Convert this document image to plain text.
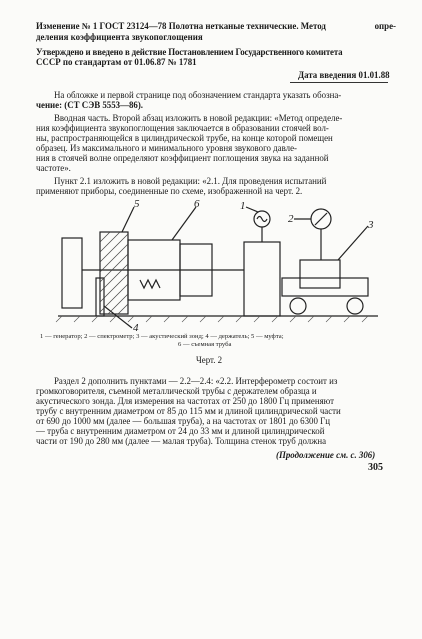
Изменение № 1 ГОСТ 23124—78 Полотна нетканые технические. Метод	опре-
деления коэффициента звукопоглощения
Утверждено и введено в действие Постановлением Государственного комитета
СССР по стандартам от 01.06.87 № 1781
Дата введения 01.01.88
На обложке и первой странице под обозначением стандарта указать обозна-
чение: (СТ СЭВ 5553—86).
Вводная часть. Второй абзац изложить в новой редакции: «Метод определе-
ния коэффициента звукопоглощения заключается в образовании стоячей вол-
ны, распространяющейся в цилиндрической трубе, на конце которой помещен
образец. Из максимального и минимального уровня звукового давле-
ния в стоячей волне определяют коэффициент поглощения звука на заданной
частоте».
Пункт 2.1 изложить в новой редакции: «2.1. Для проведения испытаний
применяют приборы, соединенные по схеме, изображенной на черт. 2.
5	6	1
2	3
4
1 — генератор; 2 — спектрометр; 3 — акустический зонд; 4 — держатель; 5 — муфта;
6 — съемная труба
Черт. 2
Раздел 2 дополнить пунктами — 2.2—2.4: «2.2. Интерферометр состоит из
громкоговорителя, съемной металлической трубы с держателем образца и
акустического зонда. Для измерения на частотах от 250 до 1800 Гц применяют
трубу с внутренним диаметром от 85 до 115 мм и длиной цилиндрической части
от 690 до 1000 мм (далее — большая труба), а на частотах от 1801 до 6300 Гц
— труба с внутренним диаметром от 24 до 33 мм и длиной цилиндрической
части от 190 до 280 мм (далее — малая труба). Толщина стенок труб должна
(Продолжение см. с. 306)
305
